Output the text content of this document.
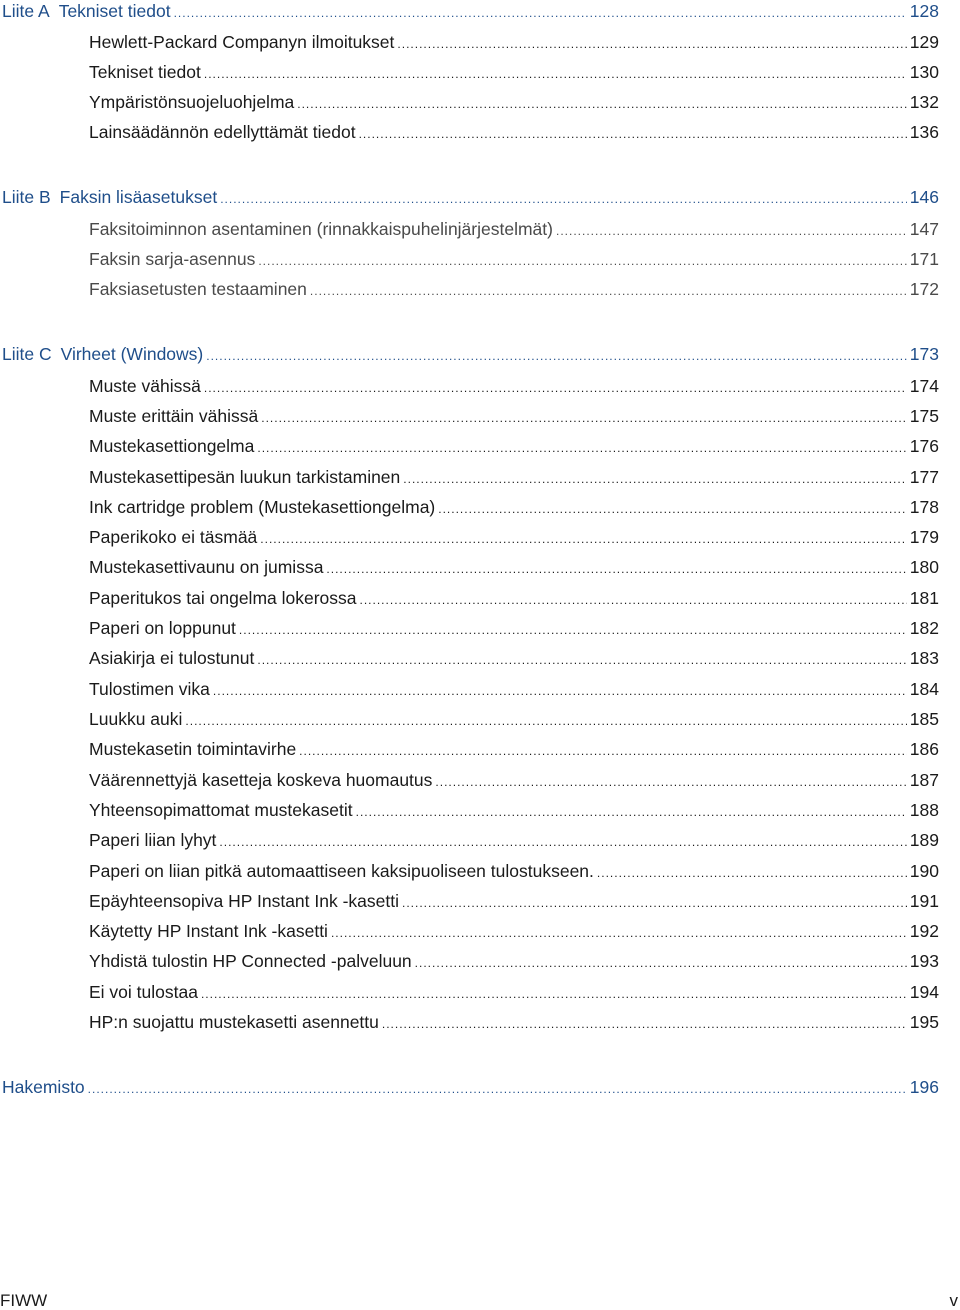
Liite A Tekniset tiedot .....	128
Hewlett-Packard Companyn ilmoitukset .....	129
Tekniset tiedot .....	130
Ympäristönsuojeluohjelma .....	132
Lainsäädännön edellyttämät tiedot .....	136
Liite B Faksin lisäasetukset .....	146
Faksitoiminnon asentaminen (rinnakkaispuhelinjärjestelmät) .....	147
Faksin sarja-asennus .....	171
Faksiasetusten testaaminen .....	172
Liite C Virheet (Windows) .....	173
Muste vähissä .....	174
Muste erittäin vähissä .....	175
Mustekasettiongelma .....	176
Mustekasettipesän luukun tarkistaminen .....	177
Ink cartridge problem (Mustekasettiongelma) .....	178
Paperikoko ei täsmää .....	179
Mustekasettivaunu on jumissa .....	180
Paperitukos tai ongelma lokerossa .....	181
Paperi on loppunut .....	182
Asiakirja ei tulostunut .....	183
Tulostimen vika .....	184
Luukku auki .....	185
Mustekasetin toimintavirhe .....	186
Väärennettyjä kasetteja koskeva huomautus .....	187
Yhteensopimattomat mustekasetit .....	188
Paperi liian lyhyt .....	189
Paperi on liian pitkä automaattiseen kaksipuoliseen tulostukseen. .....	190
Epäyhteensopiva HP Instant Ink -kasetti .....	191
Käytetty HP Instant Ink -kasetti .....	192
Yhdistä tulostin HP Connected -palveluun .....	193
Ei voi tulostaa .....	194
HP:n suojattu mustekasetti asennettu .....	195
Hakemisto .....	196
FIWW	v
